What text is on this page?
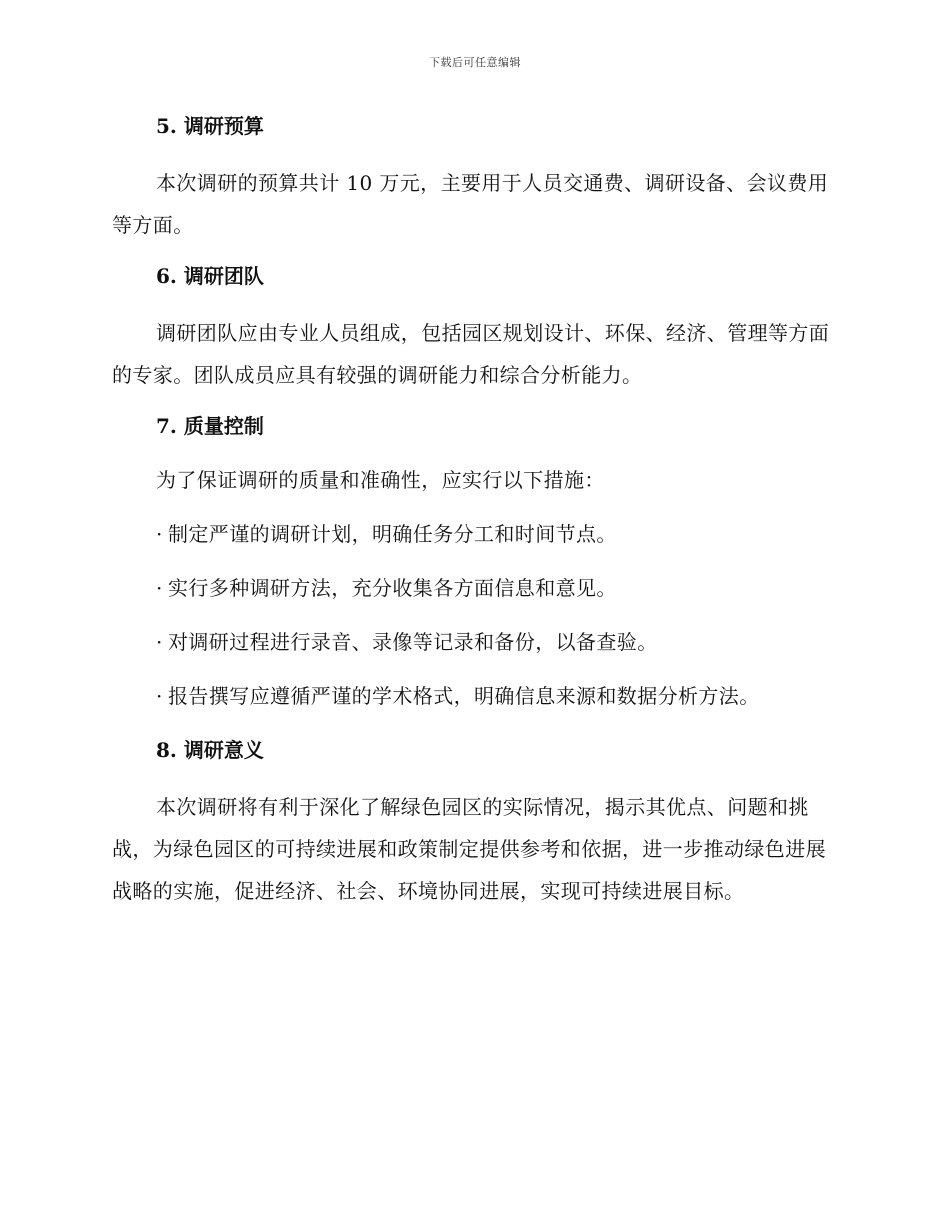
下载后可任意编辑
5. 调研预算

本次调研的预算共计 10 万元，主要用于人员交通费、调研设备、会议费用等方面。

6. 调研团队

调研团队应由专业人员组成，包括园区规划设计、环保、经济、管理等方面的专家。团队成员应具有较强的调研能力和综合分析能力。

7. 质量控制
为了保证调研的质量和准确性，应实行以下措施：
· 制定严谨的调研计划，明确任务分工和时间节点。
· 实行多种调研方法，充分收集各方面信息和意见。
· 对调研过程进行录音、录像等记录和备份，以备查验。
· 报告撰写应遵循严谨的学术格式，明确信息来源和数据分析方法。
8. 调研意义

本次调研将有利于深化了解绿色园区的实际情况，揭示其优点、问题和挑战，为绿色园区的可持续进展和政策制定提供参考和依据，进一步推动绿色进展战略的实施，促进经济、社会、环境协同进展，实现可持续进展目标。
